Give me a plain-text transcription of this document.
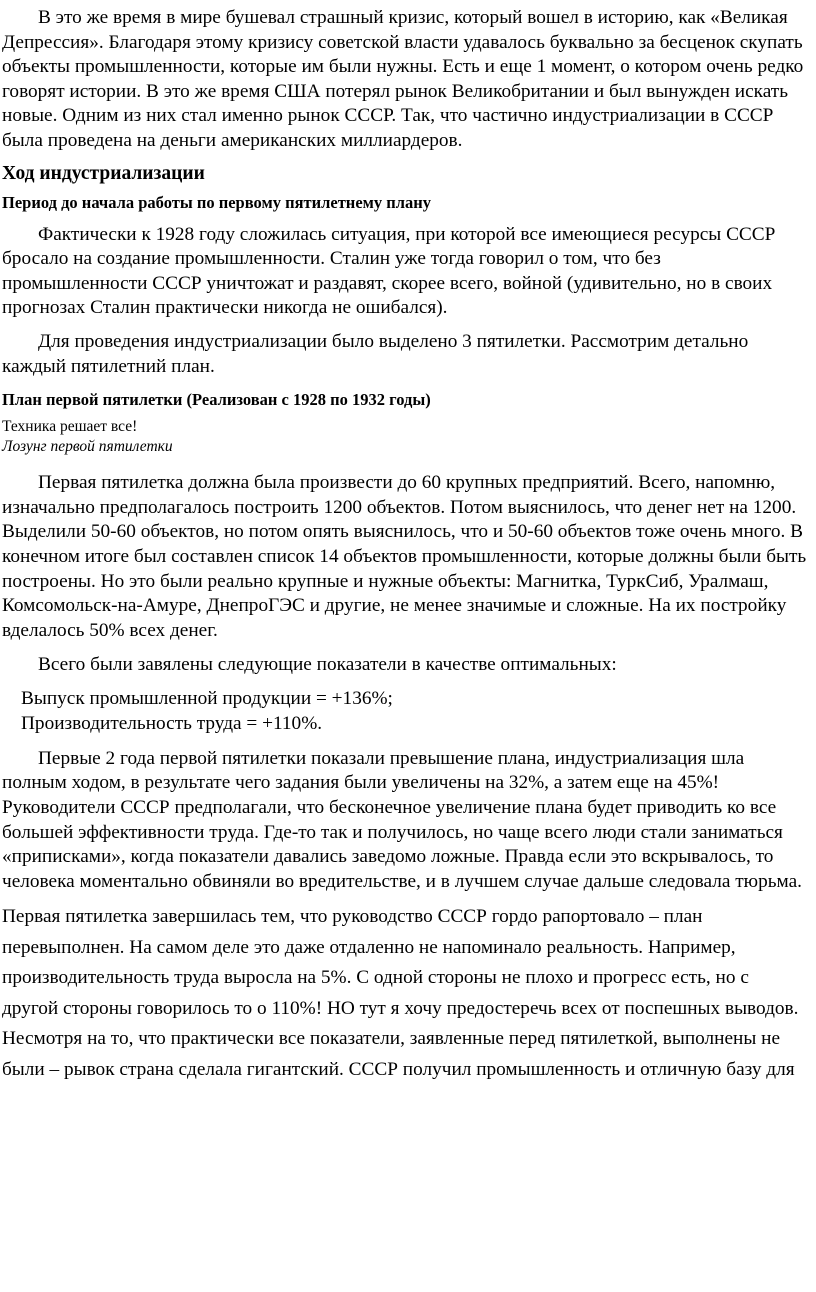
В это же время в мире бушевал страшный кризис, который вошел в историю, как «Великая Депрессия». Благодаря этому кризису советской власти удавалось буквально за бесценок скупать объекты промышленности, которые им были нужны. Есть и еще 1 момент, о котором очень редко говорят истории. В это же время США потерял рынок Великобритании и был вынужден искать новые. Одним из них стал именно рынок СССР. Так, что частично индустриализации в СССР была проведена на деньги американских миллиардеров.

Ход индустриализации
Период до начала работы по первому пятилетнему плану

Фактически к 1928 году сложилась ситуация, при которой все имеющиеся ресурсы СССР бросало на создание промышленности. Сталин уже тогда говорил о том, что без промышленности СССР уничтожат и раздавят, скорее всего, войной (удивительно, но в своих прогнозах Сталин практически никогда не ошибался).

Для проведения индустриализации было выделено 3 пятилетки. Рассмотрим детально каждый пятилетний план.

План первой пятилетки (Реализован с 1928 по 1932 годы)
Техника решает все!
Лозунг первой пятилетки

Первая пятилетка должна была произвести до 60 крупных предприятий. Всего, напомню, изначально предполагалось построить 1200 объектов. Потом выяснилось, что денег нет на 1200. Выделили 50-60 объектов, но потом опять выяснилось, что и 50-60 объектов тоже очень много. В конечном итоге был составлен список 14 объектов промышленности, которые должны были быть построены. Но это были реально крупные и нужные объекты: Магнитка, ТуркСиб, Уралмаш, Комсомольск-на-Амуре, ДнепроГЭС и другие, не менее значимые и сложные. На их постройку вделалось 50% всех денег.

Всего были завялены следующие показатели в качестве оптимальных:

Выпуск промышленной продукции = +136%;
Производительность труда = +110%.

Первые 2 года первой пятилетки показали превышение плана, индустриализация шла полным ходом, в результате чего задания были увеличены на 32%, а затем еще на 45%! Руководители СССР предполагали, что бесконечное увеличение плана будет приводить ко все большей эффективности труда. Где-то так и получилось, но чаще всего люди стали заниматься «приписками», когда показатели давались заведомо ложные. Правда если это вскрывалось, то человека моментально обвиняли во вредительстве, и в лучшем случае дальше следовала тюрьма.

Первая пятилетка завершилась тем, что руководство СССР гордо рапортовало – план перевыполнен. На самом деле это даже отдаленно не напоминало реальность. Например, производительность труда выросла на 5%. С одной стороны не плохо и прогресс есть, но с другой стороны говорилось то о 110%! НО тут я хочу предостеречь всех от поспешных выводов. Несмотря на то, что практически все показатели, заявленные перед пятилеткой, выполнены не были – рывок страна сделала гигантский. СССР получил промышленность и отличную базу для
